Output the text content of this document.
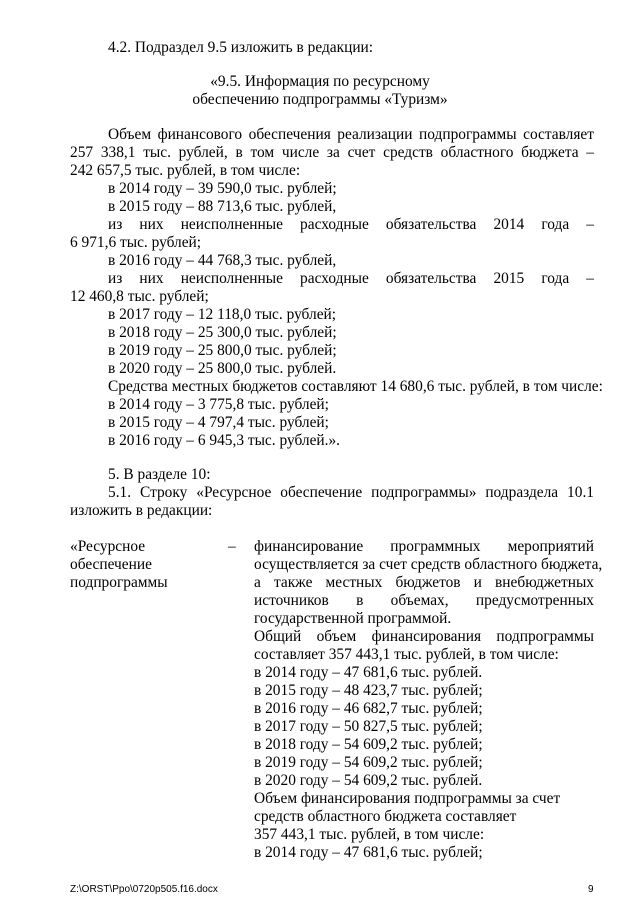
4.2. Подраздел 9.5 изложить в редакции:
«9.5. Информация по ресурсному
обеспечению подпрограммы «Туризм»
Объем финансового обеспечения реализации подпрограммы составляет
257 338,1 тыс. рублей, в том числе за счет средств областного бюджета –
242 657,5 тыс. рублей, в том числе:
в 2014 году – 39 590,0 тыс. рублей;
в 2015 году – 88 713,6 тыс. рублей,
из них неисполненные расходные обязательства 2014 года –
6 971,6 тыс. рублей;
в 2016 году – 44 768,3 тыс. рублей,
из них неисполненные расходные обязательства 2015 года –
12 460,8 тыс. рублей;
в 2017 году – 12 118,0 тыс. рублей;
в 2018 году – 25 300,0 тыс. рублей;
в 2019 году – 25 800,0 тыс. рублей;
в 2020 году – 25 800,0 тыс. рублей.
Средства местных бюджетов составляют 14 680,6 тыс. рублей, в том числе:
в 2014 году – 3 775,8 тыс. рублей;
в 2015 году – 4 797,4 тыс. рублей;
в 2016 году – 6 945,3 тыс. рублей.».
5. В разделе 10:
5.1. Строку «Ресурсное обеспечение подпрограммы» подраздела 10.1
изложить в редакции:
«Ресурсное	–
обеспечение
подпрограммы
финансирование программных мероприятий
осуществляется за счет средств областного бюджета,
а также местных бюджетов и внебюджетных
источников в объемах, предусмотренных
государственной программой.
Общий объем финансирования подпрограммы
составляет 357 443,1 тыс. рублей, в том числе:
в 2014 году – 47 681,6 тыс. рублей.
в 2015 году – 48 423,7 тыс. рублей;
в 2016 году – 46 682,7 тыс. рублей;
в 2017 году – 50 827,5 тыс. рублей;
в 2018 году – 54 609,2 тыс. рублей;
в 2019 году – 54 609,2 тыс. рублей;
в 2020 году – 54 609,2 тыс. рублей.
Объем финансирования подпрограммы за счет
средств областного бюджета составляет
357 443,1 тыс. рублей, в том числе:
в 2014 году – 47 681,6 тыс. рублей;
Z:\ORST\Ppo\0720p505.f16.docx	9
